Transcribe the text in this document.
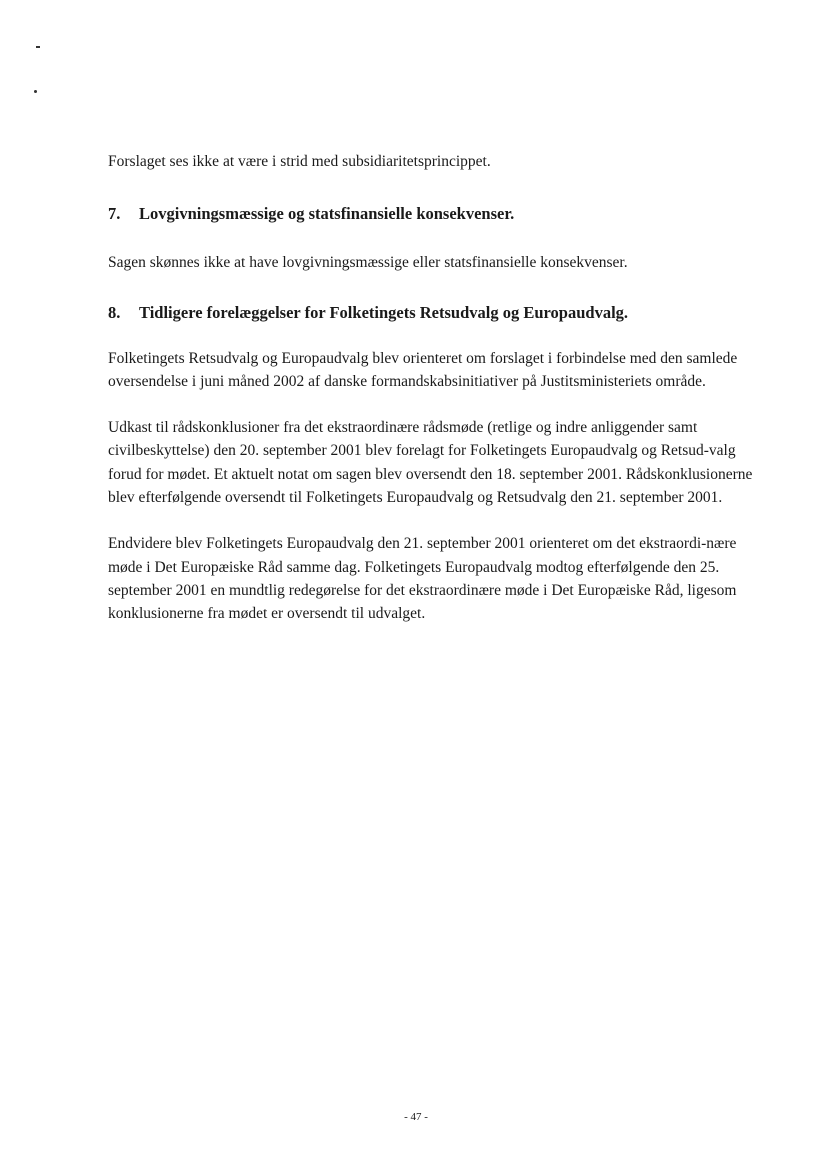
Forslaget ses ikke at være i strid med subsidiaritetsprincippet.

7.	Lovgivningsmæssige og statsfinansielle konsekvenser.

Sagen skønnes ikke at have lovgivningsmæssige eller statsfinansielle konsekvenser.

8.	Tidligere forelæggelser for Folketingets Retsudvalg og Europaudvalg.

Folketingets Retsudvalg og Europaudvalg blev orienteret om forslaget i forbindelse med den samlede oversendelse i juni måned 2002 af danske formandskabsinitiativer på Justitsministeriets område.

Udkast til rådskonklusioner fra det ekstraordinære rådsmøde (retlige og indre anliggender samt civilbeskyttelse) den 20. september 2001 blev forelagt for Folketingets Europaudvalg og Retsud-valg forud for mødet. Et aktuelt notat om sagen blev oversendt den 18. september 2001. Rådskonklusionerne blev efterfølgende oversendt til Folketingets Europaudvalg og Retsudvalg den 21. september 2001.

Endvidere blev Folketingets Europaudvalg den 21. september 2001 orienteret om det ekstraordi-nære møde i Det Europæiske Råd samme dag. Folketingets Europaudvalg modtog efterfølgende den 25. september 2001 en mundtlig redegørelse for det ekstraordinære møde i Det Europæiske Råd, ligesom konklusionerne fra mødet er oversendt til udvalget.

- 47 -
